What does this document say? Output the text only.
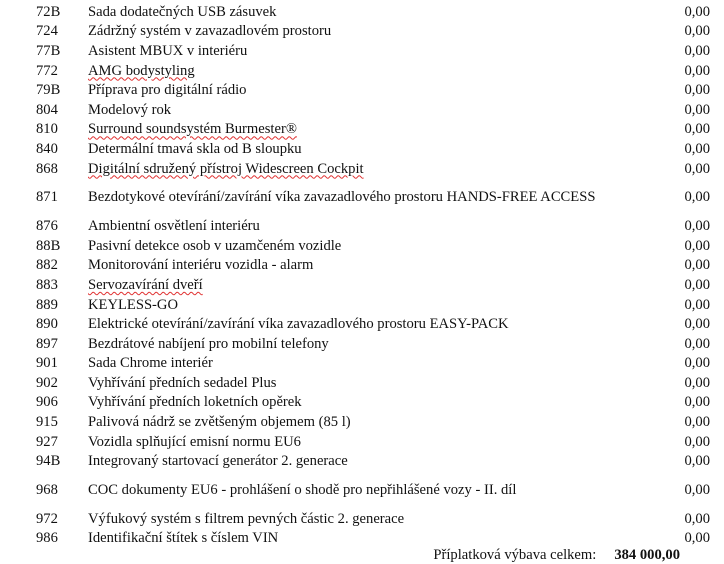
72B	Sada dodatečných USB zásuvek	0,00
724	Zádržný systém v zavazadlovém prostoru	0,00
77B	Asistent MBUX v interiéru	0,00
772	AMG bodystyling	0,00
79B	Příprava pro digitální rádio	0,00
804	Modelový rok	0,00
810	Surround soundsystém Burmester®	0,00
840	Determální tmavá skla od B sloupku	0,00
868	Digitální sdružený přístroj Widescreen Cockpit	0,00
871	Bezdotykové otevírání/zavírání víka zavazadlového prostoru HANDS-FREE ACCESS	0,00
876	Ambientní osvětlení interiéru	0,00
88B	Pasivní detekce osob v uzamčeném vozidle	0,00
882	Monitorování interiéru vozidla - alarm	0,00
883	Servozavírání dveří	0,00
889	KEYLESS-GO	0,00
890	Elektrické otevírání/zavírání víka zavazadlového prostoru EASY-PACK	0,00
897	Bezdrátové nabíjení pro mobilní telefony	0,00
901	Sada Chrome interiér	0,00
902	Vyhřívání předních sedadel Plus	0,00
906	Vyhřívání předních loketních opěrek	0,00
915	Palivová nádrž se zvětšeným objemem (85 l)	0,00
927	Vozidla splňující emisní normu EU6	0,00
94B	Integrovaný startovací generátor 2. generace	0,00
968	COC dokumenty EU6 - prohlášení o shodě pro nepřihlášené vozy - II. díl	0,00
972	Výfukový systém s filtrem pevných částic 2. generace	0,00
986	Identifikační štítek s číslem VIN	0,00
Příplatková výbava celkem: 384 000,00
